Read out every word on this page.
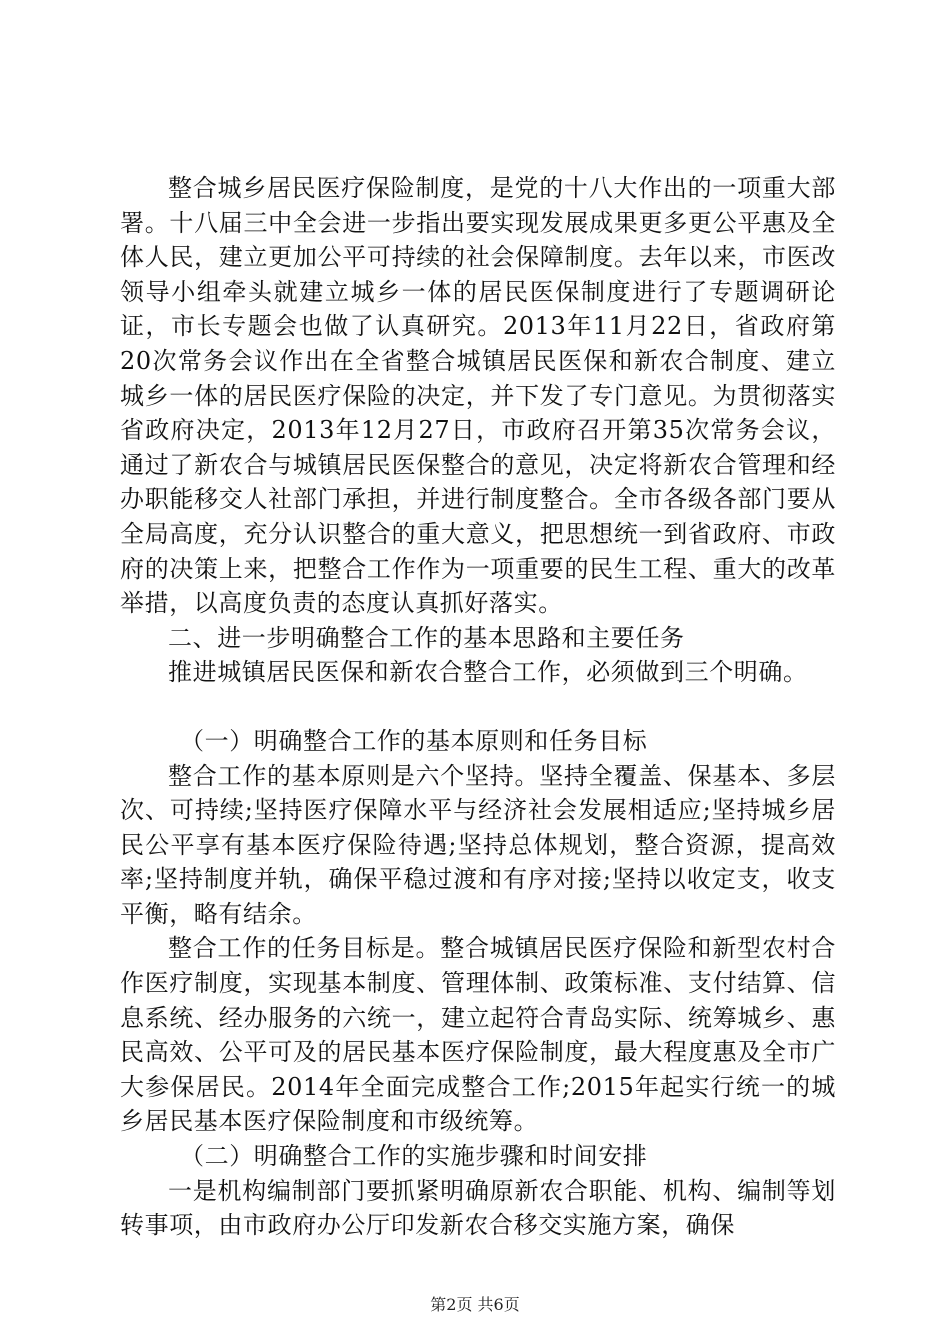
整合城乡居民医疗保险制度，是党的十八大作出的一项重大部署。十八届三中全会进一步指出要实现发展成果更多更公平惠及全体人民，建立更加公平可持续的社会保障制度。去年以来，市医改领导小组牵头就建立城乡一体的居民医保制度进行了专题调研论证，市长专题会也做了认真研究。2013年11月22日，省政府第20次常务会议作出在全省整合城镇居民医保和新农合制度、建立城乡一体的居民医疗保险的决定，并下发了专门意见。为贯彻落实省政府决定，2013年12月27日，市政府召开第35次常务会议，通过了新农合与城镇居民医保整合的意见，决定将新农合管理和经办职能移交人社部门承担，并进行制度整合。全市各级各部门要从全局高度，充分认识整合的重大意义，把思想统一到省政府、市政府的决策上来，把整合工作作为一项重要的民生工程、重大的改革举措，以高度负责的态度认真抓好落实。

二、进一步明确整合工作的基本思路和主要任务

推进城镇居民医保和新农合整合工作，必须做到三个明确。

（一）明确整合工作的基本原则和任务目标

整合工作的基本原则是六个坚持。坚持全覆盖、保基本、多层次、可持续;坚持医疗保障水平与经济社会发展相适应;坚持城乡居民公平享有基本医疗保险待遇;坚持总体规划，整合资源，提高效率;坚持制度并轨，确保平稳过渡和有序对接;坚持以收定支，收支平衡，略有结余。

整合工作的任务目标是。整合城镇居民医疗保险和新型农村合作医疗制度，实现基本制度、管理体制、政策标准、支付结算、信息系统、经办服务的六统一，建立起符合青岛实际、统筹城乡、惠民高效、公平可及的居民基本医疗保险制度，最大程度惠及全市广大参保居民。2014年全面完成整合工作;2015年起实行统一的城乡居民基本医疗保险制度和市级统筹。

（二）明确整合工作的实施步骤和时间安排

一是机构编制部门要抓紧明确原新农合职能、机构、编制等划转事项，由市政府办公厅印发新农合移交实施方案，确保

第2页 共6页
